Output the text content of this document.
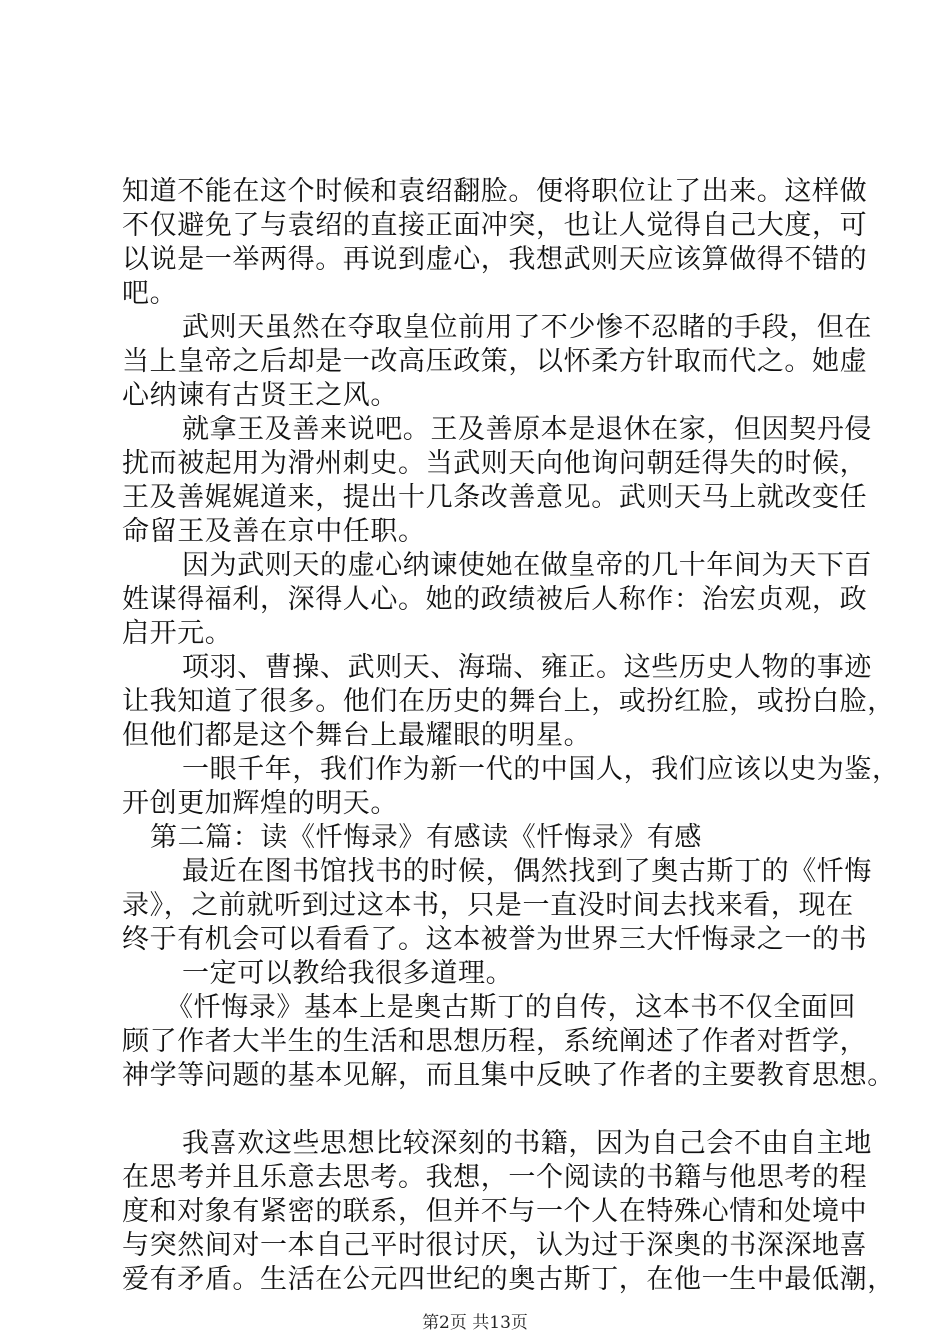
知道不能在这个时候和袁绍翻脸。便将职位让了出来。这样做
不仅避免了与袁绍的直接正面冲突，也让人觉得自己大度，可
以说是一举两得。再说到虚心，我想武则天应该算做得不错的
吧。
武则天虽然在夺取皇位前用了不少惨不忍睹的手段，但在
当上皇帝之后却是一改高压政策，以怀柔方针取而代之。她虚
心纳谏有古贤王之风。
就拿王及善来说吧。王及善原本是退休在家，但因契丹侵
扰而被起用为滑州刺史。当武则天向他询问朝廷得失的时候，
王及善娓娓道来，提出十几条改善意见。武则天马上就改变任
命留王及善在京中任职。
因为武则天的虚心纳谏使她在做皇帝的几十年间为天下百
姓谋得福利，深得人心。她的政绩被后人称作：治宏贞观，政
启开元。
项羽、曹操、武则天、海瑞、雍正。这些历史人物的事迹
让我知道了很多。他们在历史的舞台上，或扮红脸，或扮白脸，
但他们都是这个舞台上最耀眼的明星。
一眼千年，我们作为新一代的中国人，我们应该以史为鉴，
开创更加辉煌的明天。
第二篇：读《忏悔录》有感读《忏悔录》有感
最近在图书馆找书的时候，偶然找到了奥古斯丁的《忏悔
录》，之前就听到过这本书，只是一直没时间去找来看，现在
终于有机会可以看看了。这本被誉为世界三大忏悔录之一的书
一定可以教给我很多道理。
《忏悔录》基本上是奥古斯丁的自传，这本书不仅全面回
顾了作者大半生的生活和思想历程，系统阐述了作者对哲学，
神学等问题的基本见解，而且集中反映了作者的主要教育思想。
我喜欢这些思想比较深刻的书籍，因为自己会不由自主地
在思考并且乐意去思考。我想，一个阅读的书籍与他思考的程
度和对象有紧密的联系，但并不与一个人在特殊心情和处境中
与突然间对一本自己平时很讨厌，认为过于深奥的书深深地喜
爱有矛盾。生活在公元四世纪的奥古斯丁，在他一生中最低潮，
第2页 共13页
